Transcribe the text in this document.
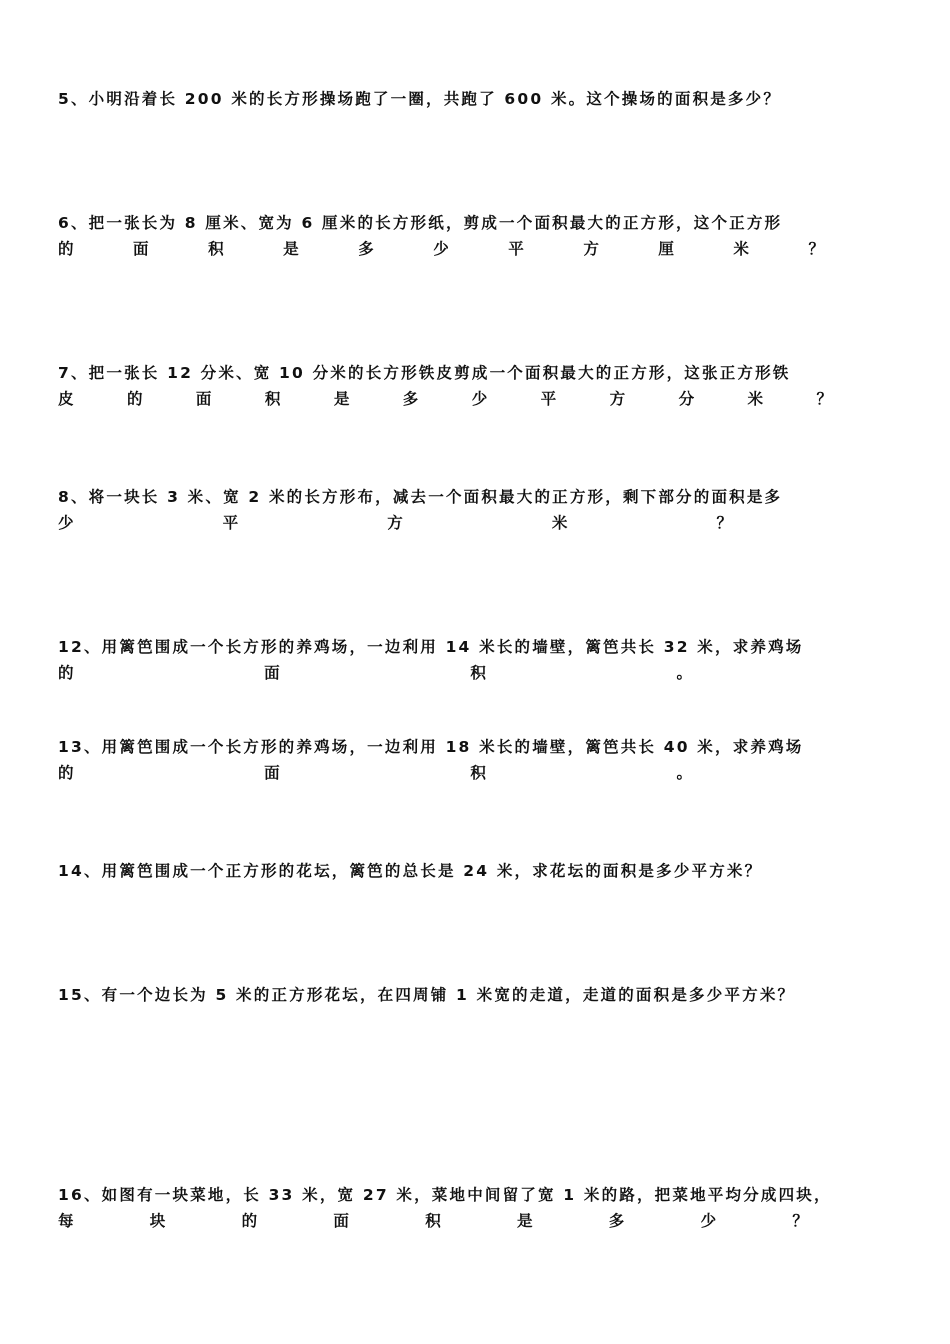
5、小明沿着长 200 米的长方形操场跑了一圈，共跑了 600 米。这个操场的面积是多少？
6、把一张长为 8 厘米、宽为 6 厘米的长方形纸，剪成一个面积最大的正方形，这个正方形
的	面	积	是	多	少	平	方	厘	米	？
7、把一张长 12 分米、宽 10 分米的长方形铁皮剪成一个面积最大的正方形，这张正方形铁
皮	的	面	积	是	多	少	平	方	分	米	？
8、将一块长 3 米、宽 2 米的长方形布，减去一个面积最大的正方形，剩下部分的面积是多
少	平	方	米	？
12、用篱笆围成一个长方形的养鸡场，一边利用 14 米长的墙壁，篱笆共长 32 米，求养鸡场
的	面	积	。
13、用篱笆围成一个长方形的养鸡场，一边利用 18 米长的墙壁，篱笆共长 40 米，求养鸡场
的	面	积	。
14、用篱笆围成一个正方形的花坛，篱笆的总长是 24 米，求花坛的面积是多少平方米？
15、有一个边长为 5 米的正方形花坛，在四周铺 1 米宽的走道，走道的面积是多少平方米？
16、如图有一块菜地，长 33 米，宽 27 米，菜地中间留了宽 1 米的路，把菜地平均分成四块，
每	块	的	面	积	是	多	少	？
